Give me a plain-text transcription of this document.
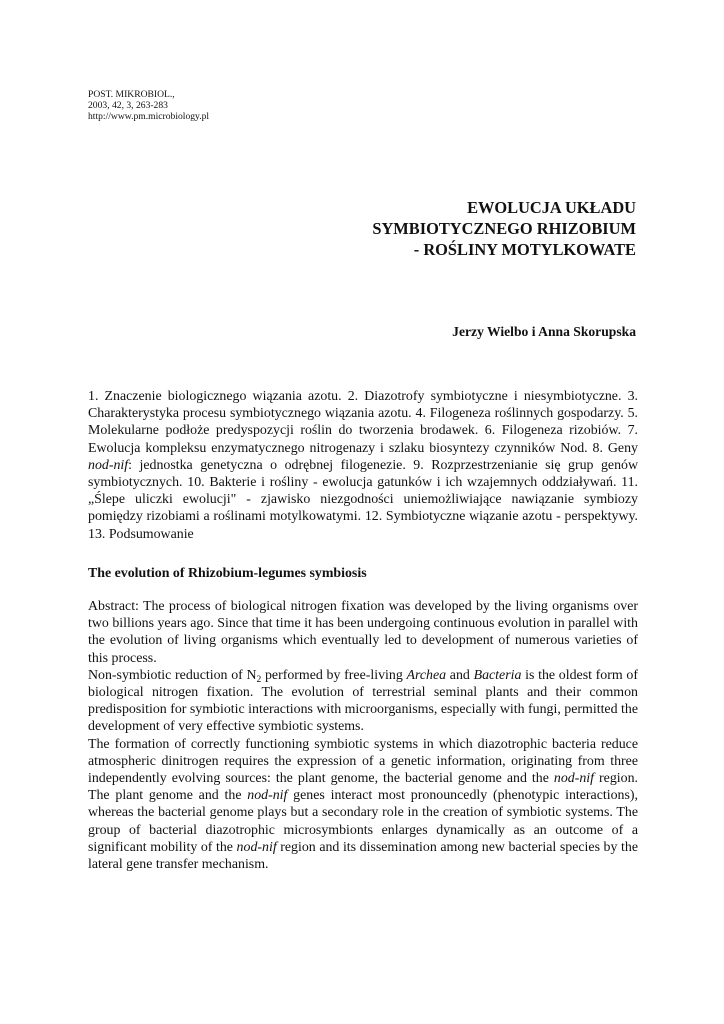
POST. MIKROBIOL.,
2003, 42, 3, 263-283
http://www.pm.microbiology.pl
EWOLUCJA UKŁADU
SYMBIOTYCZNEGO RHIZOBIUM
- ROŚLINY MOTYLKOWATE
Jerzy Wielbo i Anna Skorupska
1. Znaczenie biologicznego wiązania azotu. 2. Diazotrofy symbiotyczne i niesymbiotyczne. 3. Charakterystyka procesu symbiotycznego wiązania azotu. 4. Filogeneza roślinnych gospodarzy. 5. Molekularne podłoże predyspozycji roślin do tworzenia brodawek. 6. Filogeneza rizobiów. 7. Ewolucja kompleksu enzymatycznego nitrogenazy i szlaku biosyntezy czynników Nod. 8. Geny nod-nif: jednostka genetyczna o odrębnej filogenezie. 9. Rozprzestrzenianie się grup genów symbiotycznych. 10. Bakterie i rośliny - ewolucja gatunków i ich wzajemnych oddziaływań. 11. „Ślepe uliczki ewolucji" - zjawisko niezgodności uniemożliwiające nawiązanie symbiozy pomiędzy rizobiami a roślinami motylkowatymi. 12. Symbiotyczne wiązanie azotu - perspektywy. 13. Podsumowanie
The evolution of Rhizobium-legumes symbiosis

Abstract: The process of biological nitrogen fixation was developed by the living organisms over two billions years ago. Since that time it has been undergoing continuous evolution in parallel with the evolution of living organisms which eventually led to development of numerous varieties of this process.

Non-symbiotic reduction of $N_2$ performed by free-living Archea and Bacteria is the oldest form of biological nitrogen fixation. The evolution of terrestrial seminal plants and their common predisposition for symbiotic interactions with microorganisms, especially with fungi, permitted the development of very effective symbiotic systems.

The formation of correctly functioning symbiotic systems in which diazotrophic bacteria reduce atmospheric dinitrogen requires the expression of a genetic information, originating from three independently evolving sources: the plant genome, the bacterial genome and the nod-nif region. The plant genome and the nod-nif genes interact most pronouncedly (phenotypic interactions), whereas the bacterial genome plays but a secondary role in the creation of symbiotic systems. The group of bacterial diazotrophic microsymbionts enlarges dynamically as an outcome of a significant mobility of the nod-nif region and its dissemination among new bacterial species by the lateral gene transfer mechanism.
